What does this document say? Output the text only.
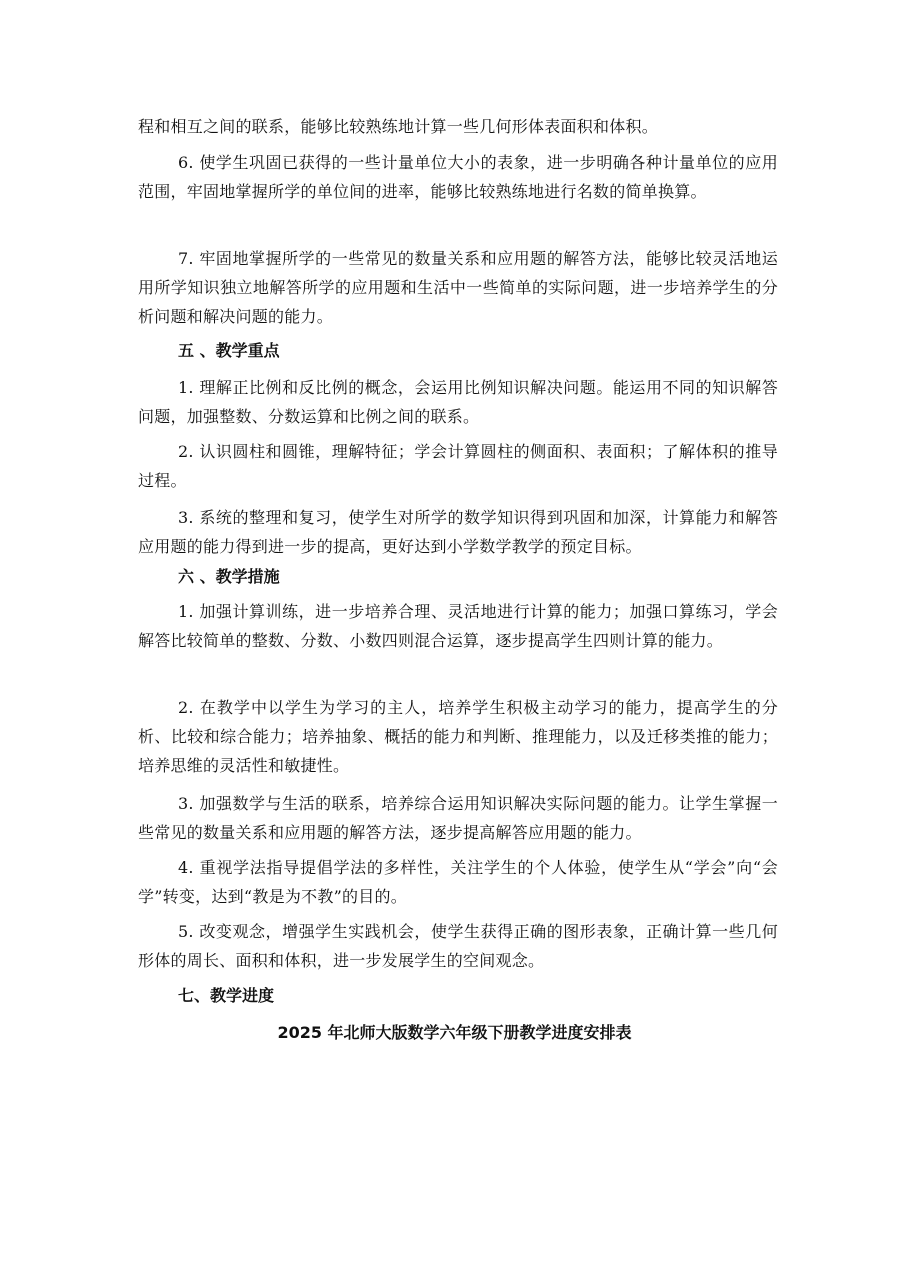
程和相互之间的联系，能够比较熟练地计算一些几何形体表面积和体积。

6. 使学生巩固已获得的一些计量单位大小的表象，进一步明确各种计量单位的应用范围，牢固地掌握所学的单位间的进率，能够比较熟练地进行名数的简单换算。

7. 牢固地掌握所学的一些常见的数量关系和应用题的解答方法，能够比较灵活地运用所学知识独立地解答所学的应用题和生活中一些简单的实际问题，进一步培养学生的分析问题和解决问题的能力。

五 、教学重点

1. 理解正比例和反比例的概念，会运用比例知识解决问题。能运用不同的知识解答问题，加强整数、分数运算和比例之间的联系。

2. 认识圆柱和圆锥，理解特征；学会计算圆柱的侧面积、表面积；了解体积的推导过程。

3. 系统的整理和复习，使学生对所学的数学知识得到巩固和加深，计算能力和解答应用题的能力得到进一步的提高，更好达到小学数学教学的预定目标。

六 、教学措施

1. 加强计算训练，进一步培养合理、灵活地进行计算的能力；加强口算练习，学会解答比较简单的整数、分数、小数四则混合运算，逐步提高学生四则计算的能力。

2. 在教学中以学生为学习的主人，培养学生积极主动学习的能力，提高学生的分析、比较和综合能力；培养抽象、概括的能力和判断、推理能力，以及迁移类推的能力；培养思维的灵活性和敏捷性。

3. 加强数学与生活的联系，培养综合运用知识解决实际问题的能力。让学生掌握一些常见的数量关系和应用题的解答方法，逐步提高解答应用题的能力。

4. 重视学法指导提倡学法的多样性，关注学生的个人体验，使学生从“学会”向“会学”转变，达到“教是为不教”的目的。

5. 改变观念，增强学生实践机会，使学生获得正确的图形表象，正确计算一些几何形体的周长、面积和体积，进一步发展学生的空间观念。

七、教学进度
2025 年北师大版数学六年级下册教学进度安排表
